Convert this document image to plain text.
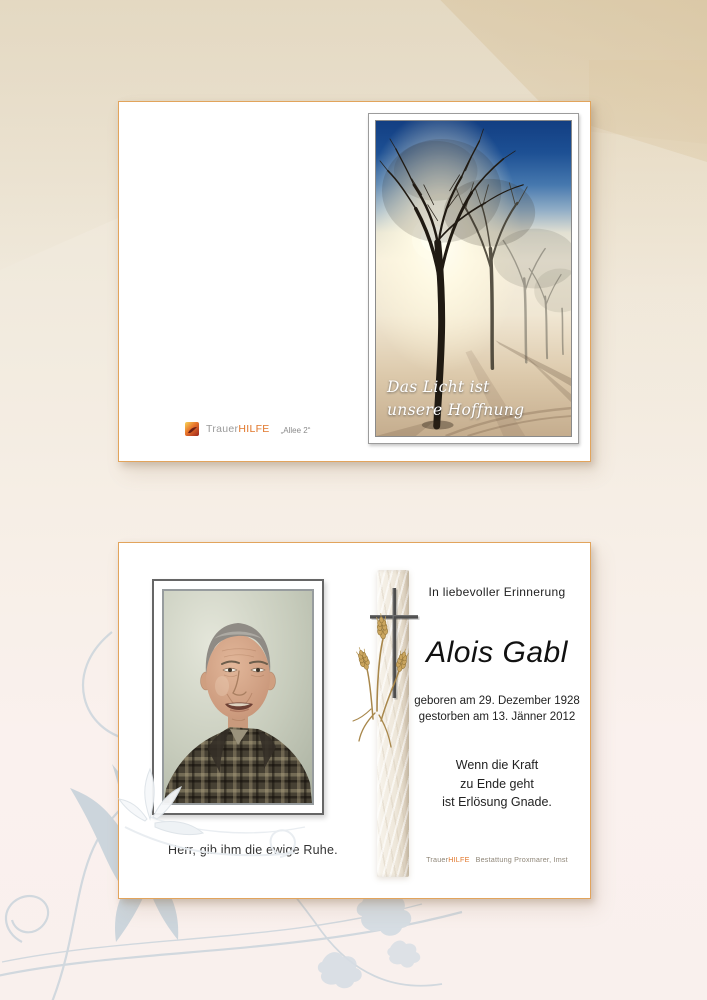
Das Licht ist
unsere Hoffnung
TrauerHILFE „Allee 2“
Herr, gib ihm die ewige Ruhe.
In liebevoller Erinnerung
Alois Gabl
geboren am 29. Dezember 1928
gestorben am 13. Jänner 2012
Wenn die Kraft
zu Ende geht
ist Erlösung Gnade.
TrauerHILFE Bestattung Proxmarer, Imst
